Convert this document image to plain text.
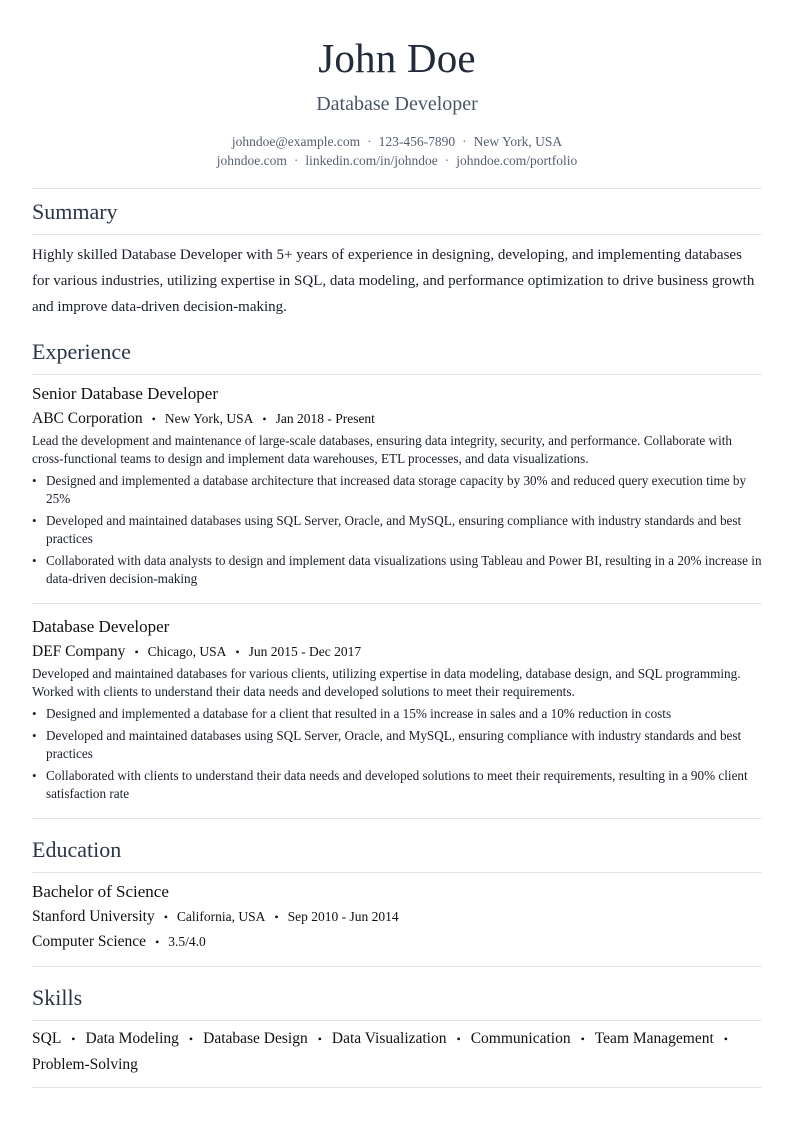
John Doe
Database Developer
johndoe@example.com · 123-456-7890 · New York, USA
johndoe.com · linkedin.com/in/johndoe · johndoe.com/portfolio
Summary
Highly skilled Database Developer with 5+ years of experience in designing, developing, and implementing databases for various industries, utilizing expertise in SQL, data modeling, and performance optimization to drive business growth and improve data-driven decision-making.
Experience
Senior Database Developer
ABC Corporation • New York, USA • Jan 2018 - Present
Lead the development and maintenance of large-scale databases, ensuring data integrity, security, and performance. Collaborate with cross-functional teams to design and implement data warehouses, ETL processes, and data visualizations.
• Designed and implemented a database architecture that increased data storage capacity by 30% and reduced query execution time by 25%
• Developed and maintained databases using SQL Server, Oracle, and MySQL, ensuring compliance with industry standards and best practices
• Collaborated with data analysts to design and implement data visualizations using Tableau and Power BI, resulting in a 20% increase in data-driven decision-making
Database Developer
DEF Company • Chicago, USA • Jun 2015 - Dec 2017
Developed and maintained databases for various clients, utilizing expertise in data modeling, database design, and SQL programming. Worked with clients to understand their data needs and developed solutions to meet their requirements.
• Designed and implemented a database for a client that resulted in a 15% increase in sales and a 10% reduction in costs
• Developed and maintained databases using SQL Server, Oracle, and MySQL, ensuring compliance with industry standards and best practices
• Collaborated with clients to understand their data needs and developed solutions to meet their requirements, resulting in a 90% client satisfaction rate
Education
Bachelor of Science
Stanford University • California, USA • Sep 2010 - Jun 2014
Computer Science • 3.5/4.0
Skills
SQL • Data Modeling • Database Design • Data Visualization • Communication • Team Management •
Problem-Solving
